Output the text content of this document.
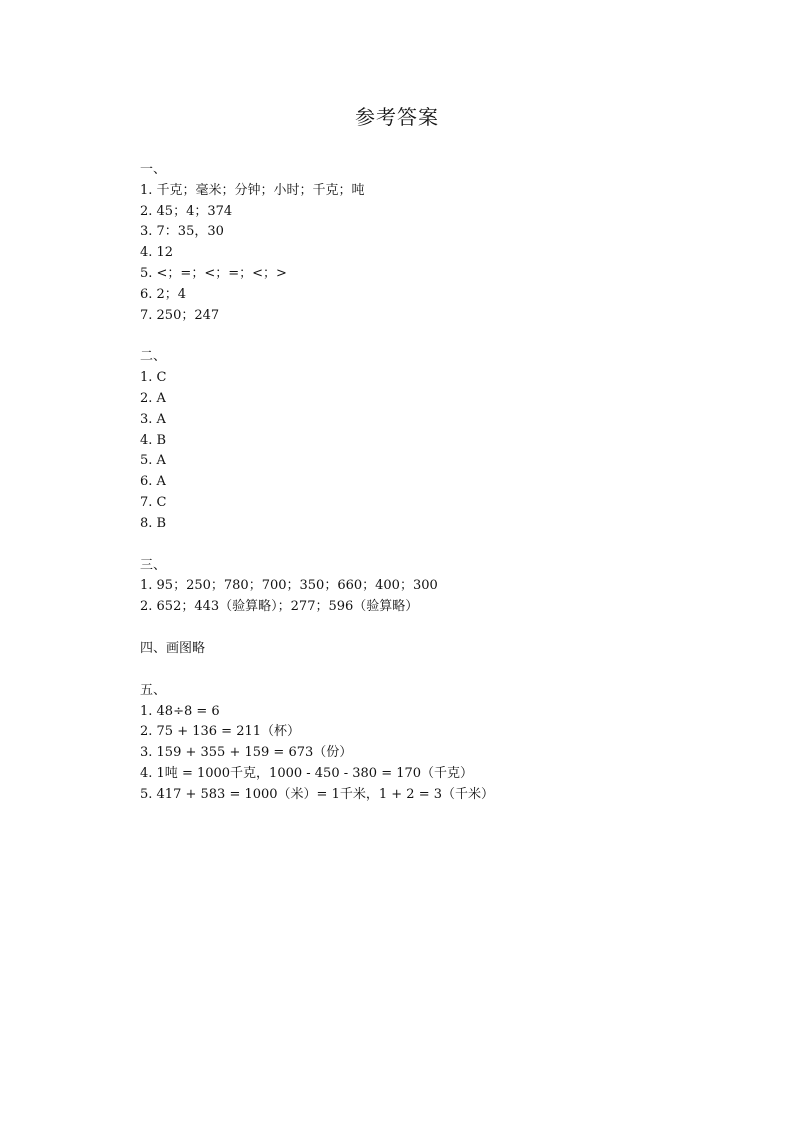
参考答案
一、
1. 千克；毫米；分钟；小时；千克；吨
2. 45；4；374
3. 7：35，30
4. 12
5. <；=；<；=；<；>
6. 2；4
7. 250；247
二、
1. C
2. A
3. A
4. B
5. A
6. A
7. C
8. B
三、
1. 95；250；780；700；350；660；400；300
2. 652；443（验算略）；277；596（验算略）
四、画图略
五、
1. 48÷8 = 6
2. 75 + 136 = 211（杯）
3. 159 + 355 + 159 = 673（份）
4. 1吨 = 1000千克，1000 - 450 - 380 = 170（千克）
5. 417 + 583 = 1000（米）= 1千米，1 + 2 = 3（千米）
